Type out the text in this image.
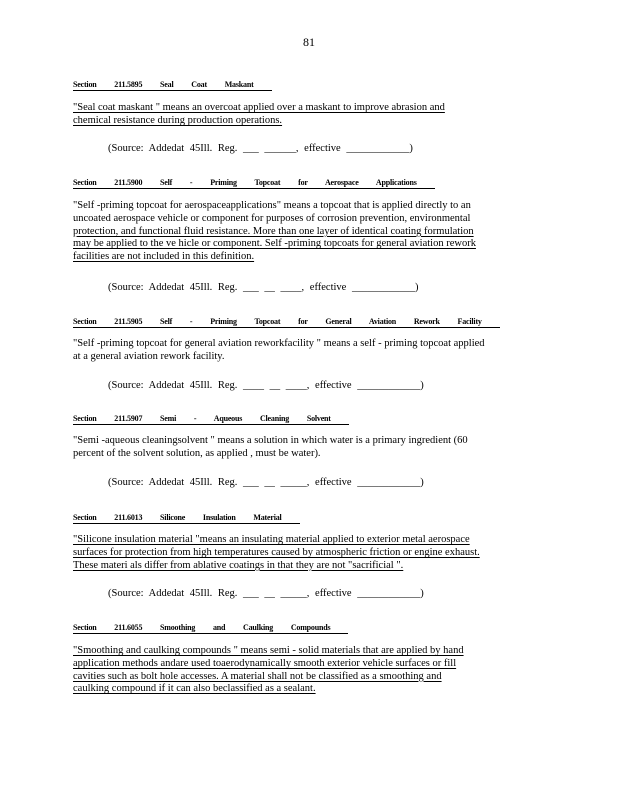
81
Section 211.5895 Seal Coat Maskant
"Seal coat maskant " means an overcoat applied over a maskant to improve abrasion and
chemical resistance during production operations.
(Source: Addedat 45Ill. Reg. ___ ______, effective ____________)
Section 211.5900 Self - Priming Topcoat for Aerospace Applications
"Self -priming topcoat for aerospaceapplications" means a topcoat that is applied directly to an
uncoated aerospace vehicle or component for purposes of corrosion prevention, environmental
protection, and functional fluid resistance. More than one layer of identical coating formulation
may be applied to the ve hicle or component. Self -priming topcoats for general aviation rework
facilities are not included in this definition.
(Source: Addedat 45Ill. Reg. ___ __ ____, effective ____________)
Section 211.5905 Self - Priming Topcoat for General Aviation Rework Facility
"Self -priming topcoat for general aviation reworkfacility " means a self - priming topcoat applied
at a general aviation rework facility.
(Source: Addedat 45Ill. Reg. ____ __ ____, effective ____________)
Section 211.5907 Semi - Aqueous Cleaning Solvent
"Semi -aqueous cleaningsolvent " means a solution in which water is a primary ingredient (60
percent of the solvent solution, as applied , must be water).
(Source: Addedat 45Ill. Reg. ___ __ _____, effective ____________)
Section 211.6013 Silicone Insulation Material
"Silicone insulation material "means an insulating material applied to exterior metal aerospace
surfaces for protection from high temperatures caused by atmospheric friction or engine exhaust.
These materi als differ from ablative coatings in that they are not "sacrificial ".
(Source: Addedat 45Ill. Reg. ___ __ _____, effective ____________)
Section 211.6055 Smoothing and Caulking Compounds
"Smoothing and caulking compounds " means semi - solid materials that are applied by hand
application methods andare used toaerodynamically smooth exterior vehicle surfaces or fill
cavities such as bolt hole accesses. A material shall not be classified as a smoothing and
caulking compound if it can also beclassified as a sealant.
